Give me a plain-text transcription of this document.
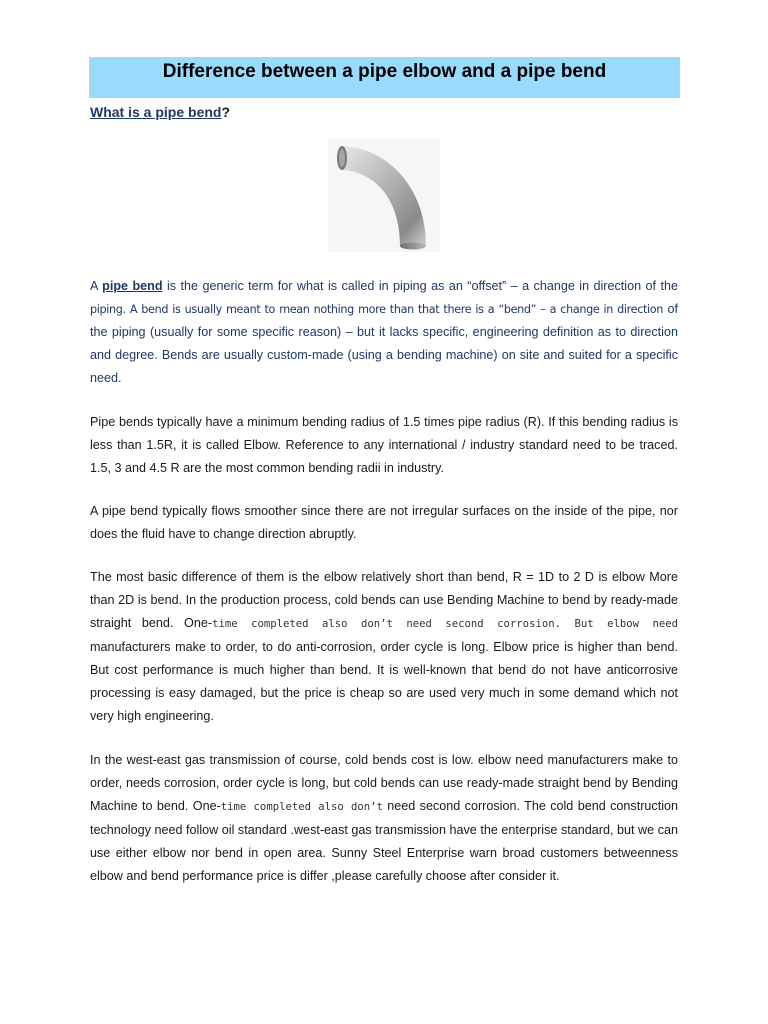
Difference between a pipe elbow and a pipe bend
What is a pipe bend?

A pipe bend is the generic term for what is called in piping as an “offset” – a change in direction of the piping. A bend is usually meant to mean nothing more than that there is a “bend” – a change in direction of the piping (usually for some specific reason) – but it lacks specific, engineering definition as to direction and degree. Bends are usually custom-made (using a bending machine) on site and suited for a specific need.

Pipe bends typically have a minimum bending radius of 1.5 times pipe radius (R). If this bending radius is less than 1.5R, it is called Elbow. Reference to any international / industry standard need to be traced. 1.5, 3 and 4.5 R are the most common bending radii in industry.

A pipe bend typically flows smoother since there are not irregular surfaces on the inside of the pipe, nor does the fluid have to change direction abruptly.

The most basic difference of them is the elbow relatively short than bend, R = 1D to 2 D is elbow More than 2D is bend. In the production process, cold bends can use Bending Machine to bend by ready-made straight bend. One-time completed also don’t need second corrosion. But elbow need manufacturers make to order, to do anti-corrosion, order cycle is long. Elbow price is higher than bend. But cost performance is much higher than bend. It is well-known that bend do not have anticorrosive processing is easy damaged, but the price is cheap so are used very much in some demand which not very high engineering.

In the west-east gas transmission of course, cold bends cost is low. elbow need manufacturers make to order, needs corrosion, order cycle is long, but cold bends can use ready-made straight bend by Bending Machine to bend. One-time completed also don’t need second corrosion. The cold bend construction technology need follow oil standard .west-east gas transmission have the enterprise standard, but we can use either elbow nor bend in open area. Sunny Steel Enterprise warn broad customers betweenness elbow and bend performance price is differ ,please carefully choose after consider it.
